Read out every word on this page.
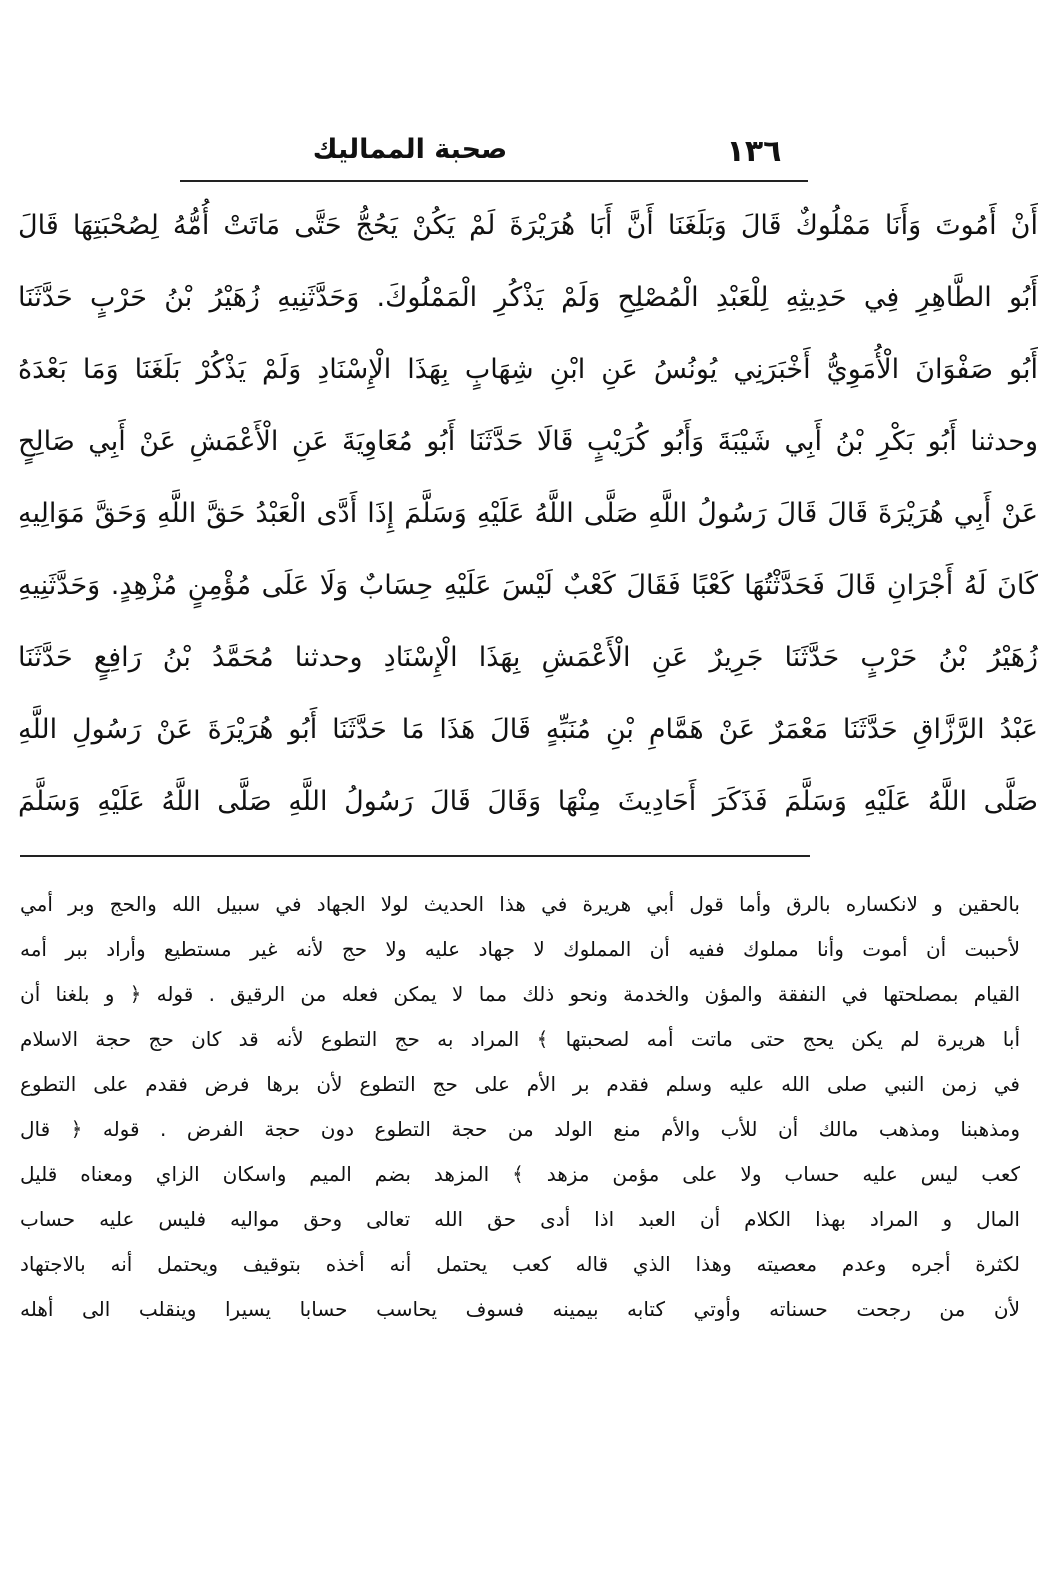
صحبة المماليك	١٣٦
أَنْ أَمُوتَ وَأَنَا مَمْلُوكٌ قَالَ وَبَلَغَنَا أَنَّ أَبَا هُرَيْرَةَ لَمْ يَكُنْ يَحُجُّ حَتَّى مَاتَتْ أُمُّهُ لِصُحْبَتِهَا قَالَ
أَبُو الطَّاهِرِ فِي حَدِيثِهِ لِلْعَبْدِ الْمُصْلِحِ وَلَمْ يَذْكُرِ الْمَمْلُوكَ. وَحَدَّثَنِيهِ زُهَيْرُ بْنُ حَرْبٍ حَدَّثَنَا
أَبُو صَفْوَانَ الْأُمَوِيُّ أَخْبَرَنِي يُونُسُ عَنِ ابْنِ شِهَابٍ بِهَذَا الْإِسْنَادِ وَلَمْ يَذْكُرْ بَلَغَنَا وَمَا بَعْدَهُ
وحدثنا أَبُو بَكْرِ بْنُ أَبِي شَيْبَةَ وَأَبُو كُرَيْبٍ قَالَا حَدَّثَنَا أَبُو مُعَاوِيَةَ عَنِ الْأَعْمَشِ عَنْ أَبِي صَالِحٍ
عَنْ أَبِي هُرَيْرَةَ قَالَ قَالَ رَسُولُ اللَّهِ صَلَّى اللَّهُ عَلَيْهِ وَسَلَّمَ إِذَا أَدَّى الْعَبْدُ حَقَّ اللَّهِ وَحَقَّ مَوَالِيهِ
كَانَ لَهُ أَجْرَانِ قَالَ فَحَدَّثْتُهَا كَعْبًا فَقَالَ كَعْبٌ لَيْسَ عَلَيْهِ حِسَابٌ وَلَا عَلَى مُؤْمِنٍ مُزْهِدٍ. وَحَدَّثَنِيهِ
زُهَيْرُ بْنُ حَرْبٍ حَدَّثَنَا جَرِيرٌ عَنِ الْأَعْمَشِ بِهَذَا الْإِسْنَادِ وحدثنا مُحَمَّدُ بْنُ رَافِعٍ حَدَّثَنَا
عَبْدُ الرَّزَّاقِ حَدَّثَنَا مَعْمَرٌ عَنْ هَمَّامِ بْنِ مُنَبِّهٍ قَالَ هَذَا مَا حَدَّثَنَا أَبُو هُرَيْرَةَ عَنْ رَسُولِ اللَّهِ
صَلَّى اللَّهُ عَلَيْهِ وَسَلَّمَ فَذَكَرَ أَحَادِيثَ مِنْهَا وَقَالَ قَالَ رَسُولُ اللَّهِ صَلَّى اللَّهُ عَلَيْهِ وَسَلَّمَ
بالحقين و لانكساره بالرق وأما قول أبي هريرة في هذا الحديث لولا الجهاد في سبيل الله والحج وبر أمي
لأحببت أن أموت وأنا مملوك ففيه أن المملوك لا جهاد عليه ولا حج لأنه غير مستطيع وأراد ببر أمه
القيام بمصلحتها في النفقة والمؤن والخدمة ونحو ذلك مما لا يمكن فعله من الرقيق . قوله ﴿ و بلغنا أن
أبا هريرة لم يكن يحج حتى ماتت أمه لصحبتها ﴾ المراد به حج التطوع لأنه قد كان حج حجة الاسلام
في زمن النبي صلى الله عليه وسلم فقدم بر الأم على حج التطوع لأن برها فرض فقدم على التطوع
ومذهبنا ومذهب مالك أن للأب والأم منع الولد من حجة التطوع دون حجة الفرض . قوله ﴿ قال
كعب ليس عليه حساب ولا على مؤمن مزهد ﴾ المزهد بضم الميم واسكان الزاي ومعناه قليل
المال و المراد بهذا الكلام أن العبد اذا أدى حق الله تعالى وحق مواليه فليس عليه حساب
لكثرة أجره وعدم معصيته وهذا الذي قاله كعب يحتمل أنه أخذه بتوقيف ويحتمل أنه بالاجتهاد
لأن من رجحت حسناته وأوتي كتابه بيمينه فسوف يحاسب حسابا يسيرا وينقلب الى أهله
